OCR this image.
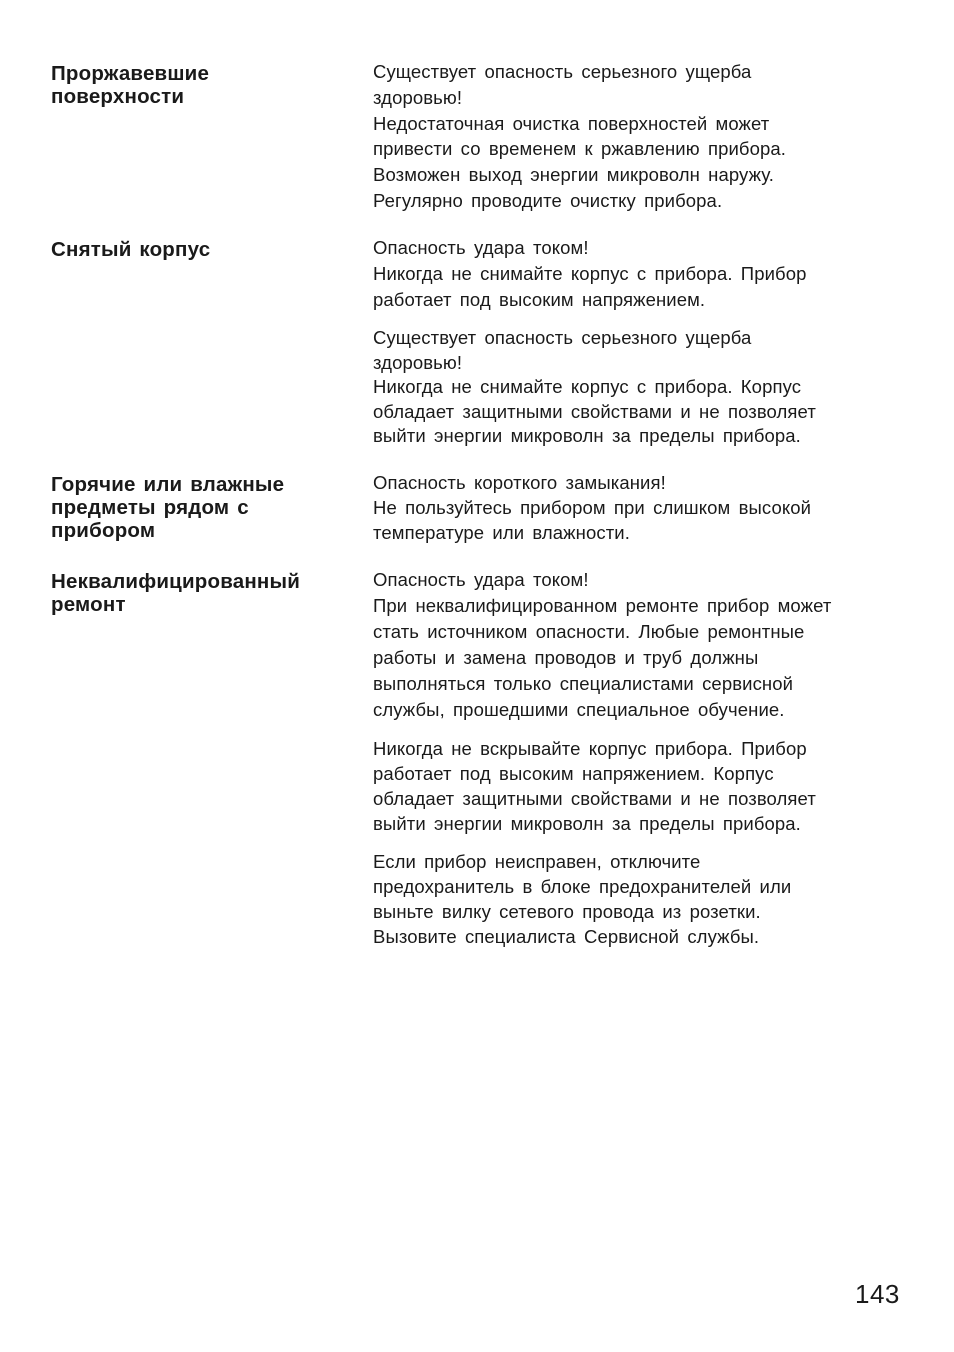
Проржавевшие
поверхности

Существует опасность серьезного ущерба
здоровью!
Недостаточная очистка поверхностей может
привести со временем к ржавлению прибора.
Возможен выход энергии микроволн наружу.
Регулярно проводите очистку прибора.

Снятый корпус	Опасность удара током!
Никогда не снимайте корпус с прибора. Прибор
работает под высоким напряжением.

Существует опасность серьезного ущерба
здоровью!
Никогда не снимайте корпус с прибора. Корпус
обладает защитными свойствами и не позволяет
выйти энергии микроволн за пределы прибора.

Горячие или влажные
предметы рядом с
прибором

Опасность короткого замыкания!
Не пользуйтесь прибором при слишком высокой
температуре или влажности.

Неквалифицированный
ремонт

Опасность удара током!
При неквалифицированном ремонте прибор может
стать источником опасности. Любые ремонтные
работы и замена проводов и труб должны
выполняться только специалистами сервисной
службы, прошедшими специальное обучение.

Никогда не вскрывайте корпус прибора. Прибор
работает под высоким напряжением. Корпус
обладает защитными свойствами и не позволяет
выйти энергии микроволн за пределы прибора.

Если прибор неисправен, отключите
предохранитель в блоке предохранителей или
выньте вилку сетевого провода из розетки.
Вызовите специалиста Сервисной службы.

143
